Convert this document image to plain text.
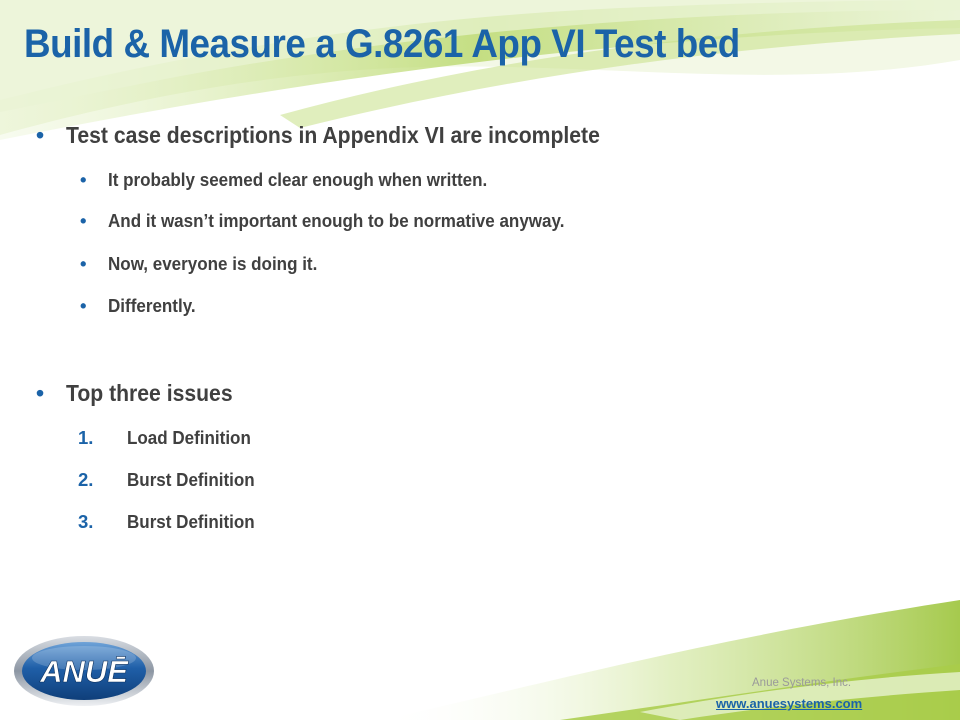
Build & Measure a G.8261 App VI Test bed
• Test case descriptions in Appendix VI are incomplete
• It probably seemed clear enough when written.
• And it wasn’t important enough to be normative anyway.
• Now, everyone is doing it.
• Differently.
• Top three issues
1. Load Definition
2. Burst Definition
3. Burst Definition
ANUĒ	Anue Systems, Inc.
www.anuesystems.com
